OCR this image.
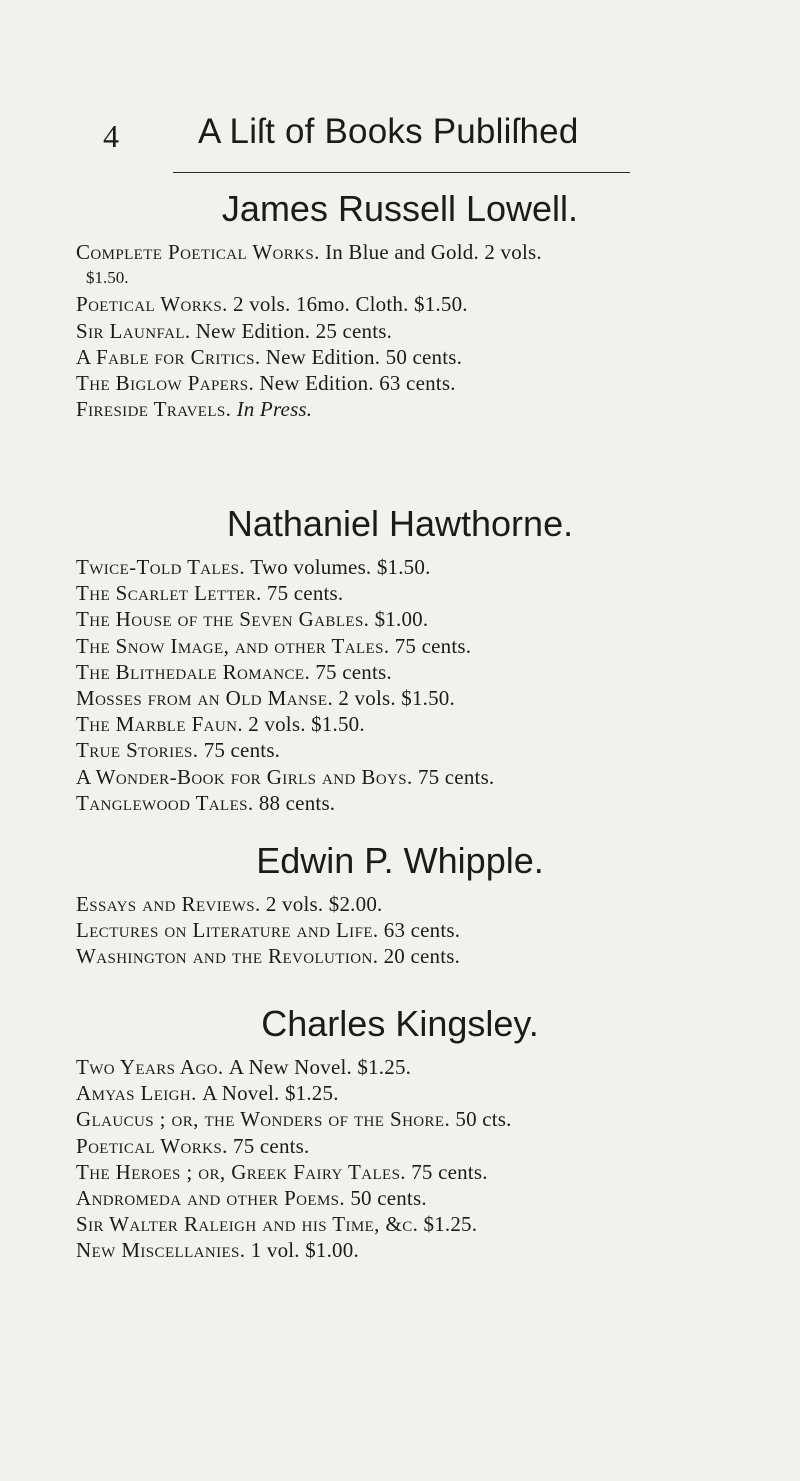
4 A Liſt of Books Publiſhed
James Russell Lowell.
Complete Poetical Works. In Blue and Gold. 2 vols.
$1.50.
Poetical Works. 2 vols. 16mo. Cloth. $1.50.
Sir Launfal. New Edition. 25 cents.
A Fable for Critics. New Edition. 50 cents.
The Biglow Papers. New Edition. 63 cents.
Fireside Travels. In Press.
Nathaniel Hawthorne.
Twice-Told Tales. Two volumes. $1.50.
The Scarlet Letter. 75 cents.
The House of the Seven Gables. $1.00.
The Snow Image, and other Tales. 75 cents.
The Blithedale Romance. 75 cents.
Mosses from an Old Manse. 2 vols. $1.50.
The Marble Faun. 2 vols. $1.50.
True Stories. 75 cents.
A Wonder-Book for Girls and Boys. 75 cents.
Tanglewood Tales. 88 cents.
Edwin P. Whipple.
Essays and Reviews. 2 vols. $2.00.
Lectures on Literature and Life. 63 cents.
Washington and the Revolution. 20 cents.
Charles Kingsley.
Two Years Ago. A New Novel. $1.25.
Amyas Leigh. A Novel. $1.25.
Glaucus ; or, the Wonders of the Shore. 50 cts.
Poetical Works. 75 cents.
The Heroes ; or, Greek Fairy Tales. 75 cents.
Andromeda and other Poems. 50 cents.
Sir Walter Raleigh and his Time, &c. $1.25.
New Miscellanies. 1 vol. $1.00.
